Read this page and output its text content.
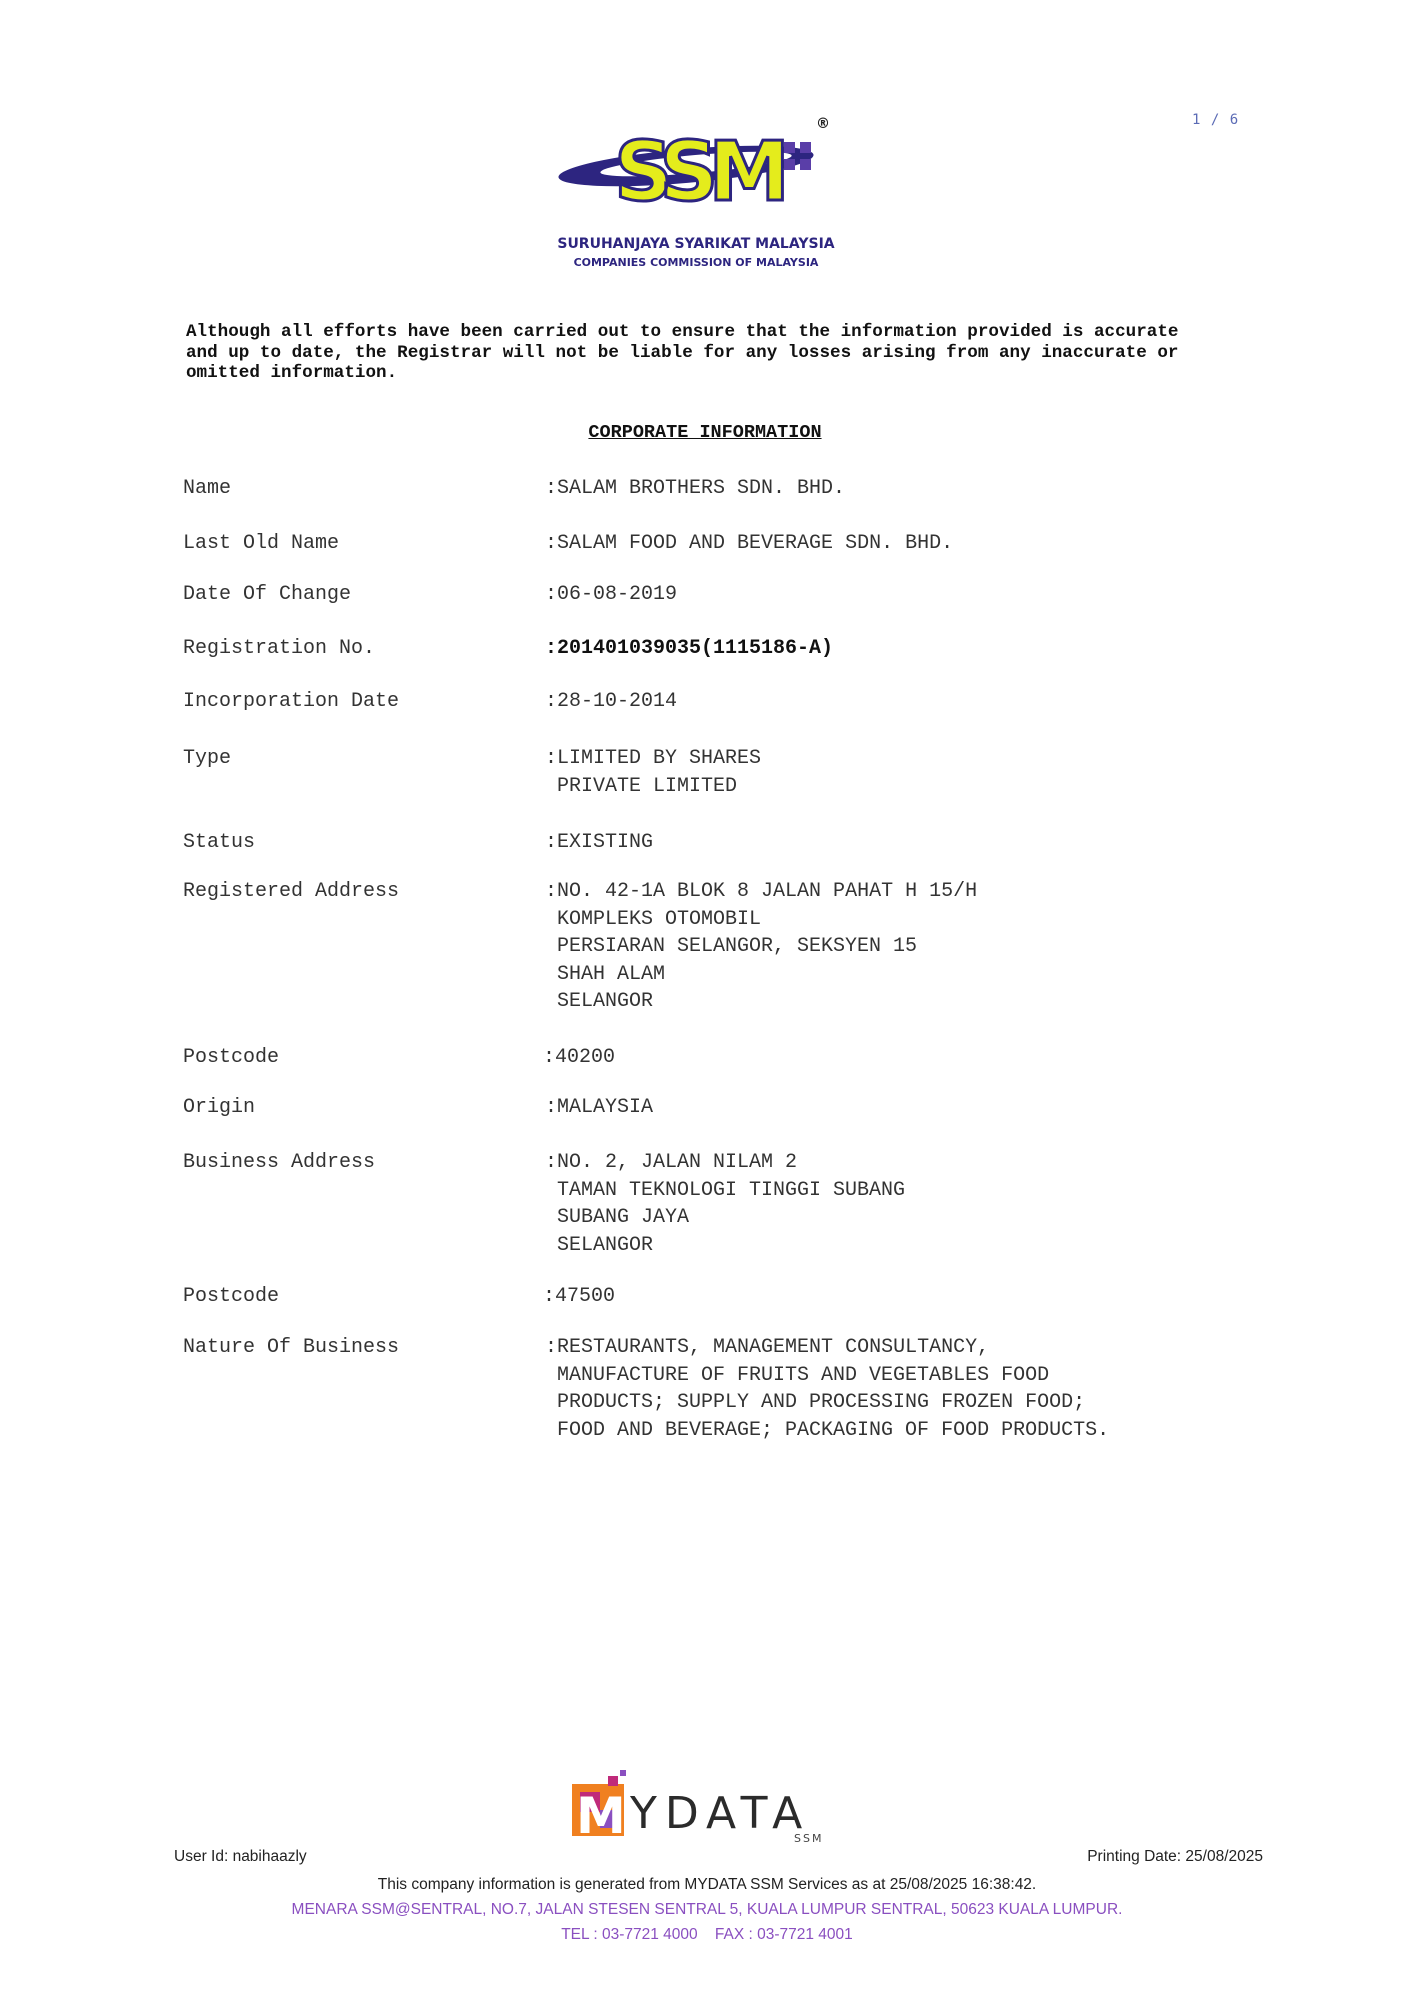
1 / 6
SSM
®
SURUHANJAYA SYARIKAT MALAYSIA
COMPANIES COMMISSION OF MALAYSIA

Although all efforts have been carried out to ensure that the information provided is accurate
and up to date, the Registrar will not be liable for any losses arising from any inaccurate or
omitted information.

CORPORATE INFORMATION
Name	:SALAM BROTHERS SDN. BHD.
Last Old Name	:SALAM FOOD AND BEVERAGE SDN. BHD.
Date Of Change	:06-08-2019
Registration No.	:201401039035(1115186-A)
Incorporation Date	:28-10-2014
Type	:LIMITED BY SHARES
PRIVATE LIMITED
Status	:EXISTING
Registered Address	:NO. 42-1A BLOK 8 JALAN PAHAT H 15/H
KOMPLEKS OTOMOBIL
PERSIARAN SELANGOR, SEKSYEN 15
SHAH ALAM
SELANGOR
Postcode	:40200
Origin	:MALAYSIA
Business Address	:NO. 2, JALAN NILAM 2
TAMAN TEKNOLOGI TINGGI SUBANG
SUBANG JAYA
SELANGOR
Postcode	:47500
Nature Of Business	:RESTAURANTS, MANAGEMENT CONSULTANCY,
MANUFACTURE OF FRUITS AND VEGETABLES FOOD
PRODUCTS; SUPPLY AND PROCESSING FROZEN FOOD;
FOOD AND BEVERAGE; PACKAGING OF FOOD PRODUCTS.
M YDATA
SSM
User Id: nabihaazly	Printing Date: 25/08/2025
This company information is generated from MYDATA SSM Services as at 25/08/2025 16:38:42.
MENARA SSM@SENTRAL, NO.7, JALAN STESEN SENTRAL 5, KUALA LUMPUR SENTRAL, 50623 KUALA LUMPUR.
TEL : 03-7721 4000    FAX : 03-7721 4001
